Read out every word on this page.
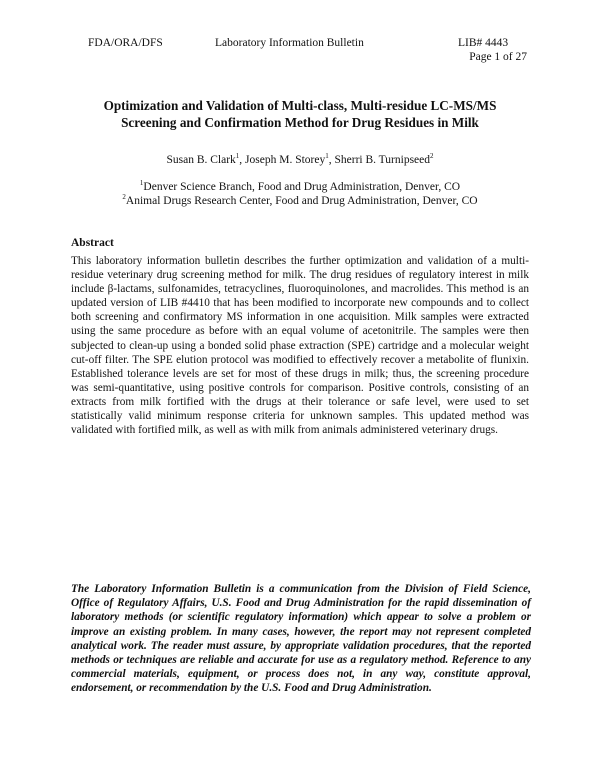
FDA/ORA/DFS	Laboratory Information Bulletin	LIB# 4443
Page 1 of 27
Optimization and Validation of Multi-class, Multi-residue LC-MS/MS
Screening and Confirmation Method for Drug Residues in Milk
Susan B. Clark$^1$, Joseph M. Storey$^1$, Sherri B. Turnipseed$^2$
$^1$Denver Science Branch, Food and Drug Administration, Denver, CO
$^2$Animal Drugs Research Center, Food and Drug Administration, Denver, CO
Abstract
This laboratory information bulletin describes the further optimization and validation of a multi-residue veterinary drug screening method for milk. The drug residues of regulatory interest in milk include β-lactams, sulfonamides, tetracyclines, fluoroquinolones, and macrolides. This method is an updated version of LIB #4410 that has been modified to incorporate new compounds and to collect both screening and confirmatory MS information in one acquisition. Milk samples were extracted using the same procedure as before with an equal volume of acetonitrile. The samples were then subjected to clean-up using a bonded solid phase extraction (SPE) cartridge and a molecular weight cut-off filter. The SPE elution protocol was modified to effectively recover a metabolite of flunixin. Established tolerance levels are set for most of these drugs in milk; thus, the screening procedure was semi-quantitative, using positive controls for comparison. Positive controls, consisting of an extracts from milk fortified with the drugs at their tolerance or safe level, were used to set statistically valid minimum response criteria for unknown samples. This updated method was validated with fortified milk, as well as with milk from animals administered veterinary drugs.
The Laboratory Information Bulletin is a communication from the Division of Field Science, Office of Regulatory Affairs, U.S. Food and Drug Administration for the rapid dissemination of laboratory methods (or scientific regulatory information) which appear to solve a problem or improve an existing problem. In many cases, however, the report may not represent completed analytical work. The reader must assure, by appropriate validation procedures, that the reported methods or techniques are reliable and accurate for use as a regulatory method. Reference to any commercial materials, equipment, or process does not, in any way, constitute approval, endorsement, or recommendation by the U.S. Food and Drug Administration.
